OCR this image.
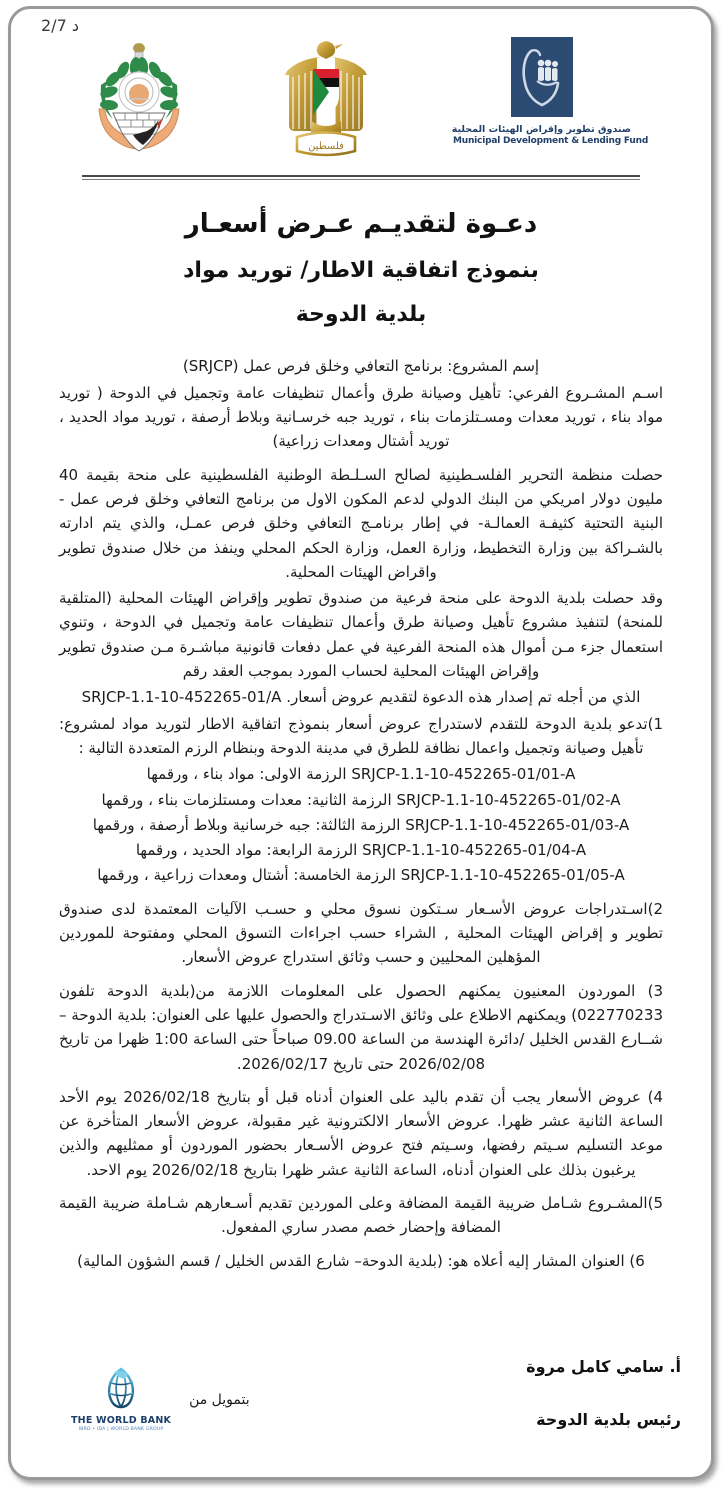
د 2/7
صندوق تطوير وإقراض الهيئات المحلية
Municipal Development & Lending Fund
فلسطين
دعـوة لتقديـم عـرض أسعـار
بنموذج اتفاقية الاطار/ توريد مواد
بلدية الدوحة

إسم المشروع: برنامج التعافي وخلق فرص عمل (SRJCP)

اسـم المشـروع الفرعي: تأهيل وصيانة طرق وأعمال تنظيفات عامة وتجميل في الدوحة ( توريد مواد بناء ، توريد معدات ومسـتلزمات بناء ، توريد جبه خرسـانية وبلاط أرصفة ، توريد مواد الحديد ، توريد أشتال ومعدات زراعية)

حصلت منظمة التحرير الفلسـطينية لصالح السـلـطة الوطنية الفلسطينية على منحة بقيمة 40 مليون دولار امريكي من البنك الدولي لدعم المكون الاول من برنامج التعافي وخلق فرص عمل - البنية التحتية كثيفـة العمالـة- في إطار برنامـج التعافي وخلق فرص عمـل، والذي يتم ادارته بالشـراكة بين وزارة التخطيط، وزارة العمل، وزارة الحكم المحلي وينفذ من خلال صندوق تطوير واقراض الهيئات المحلية.

وقد حصلت بلدية الدوحة على منحة فرعية من صندوق تطوير وإقراض الهيئات المحلية (المتلقية للمنحة) لتنفيذ مشروع تأهيل وصيانة طرق وأعمال تنظيفات عامة وتجميل في الدوحة ، وتنوي استعمال جزء مـن أموال هذه المنحة الفرعية في عمل دفعات قانونية مباشـرة مـن صندوق تطوير وإقراض الهيئات المحلية لحساب المورد بموجب العقد رقم

الذي من أجله تم إصدار هذه الدعوة لتقديم عروض أسعار. SRJCP-1.1-10-452265-01/A

1)تدعو بلدية الدوحة للتقدم لاستدراج عروض أسعار بنموذج اتفاقية الاطار لتوريد مواد لمشروع: تأهيل وصيانة وتجميل واعمال نظافة للطرق في مدينة الدوحة وبنظام الرزم المتعددة التالية :

SRJCP-1.1-10-452265-01/01-A الرزمة الاولى: مواد بناء ، ورقمها
SRJCP-1.1-10-452265-01/02-A الرزمة الثانية: معدات ومستلزمات بناء ، ورقمها
SRJCP-1.1-10-452265-01/03-A الرزمة الثالثة: جبه خرسانية وبلاط أرصفة ، ورقمها
SRJCP-1.1-10-452265-01/04-A الرزمة الرابعة: مواد الحديد ، ورقمها
SRJCP-1.1-10-452265-01/05-A الرزمة الخامسة: أشتال ومعدات زراعية ، ورقمها

2)اسـتدراجات عروض الأسـعار سـتكون نسوق محلي و حسـب الآليات المعتمدة لدى صندوق تطوير و إقراض الهيئات المحلية , الشراء حسب اجراءات التسوق المحلي ومفتوحة للموردين المؤهلين المحليين و حسب وثائق استدراج عروض الأسعار.

3) الموردون المعنيون يمكنهم الحصول على المعلومات اللازمة من(بلدية الدوحة تلفون 022770233) ويمكنهم الاطلاع على وثائق الاسـتدراج والحصول عليها على العنوان: بلدية الدوحة – شــارع القدس الخليل /دائرة الهندسة من الساعة 09.00 صباحاً حتى الساعة 1:00 ظهرا من تاريخ 2026/02/08 حتى تاريخ 2026/02/17.

4) عروض الأسعار يجب أن تقدم باليد على العنوان أدناه قبل أو بتاريخ 2026/02/18 يوم الأحد الساعة الثانية عشر ظهرا. عروض الأسعار الالكترونية غير مقبولة، عروض الأسعار المتأخرة عن موعد التسليم سـيتم رفضها، وسـيتم فتح عروض الأسـعار بحضور الموردون أو ممثليهم والذين يرغبون بذلك على العنوان أدناه، الساعة الثانية عشر ظهرا بتاريخ 2026/02/18 يوم الاحد.

5)المشـروع شـامل ضريبة القيمة المضافة وعلى الموردين تقديم أسـعارهم شـاملة ضريبة القيمة المضافة وإحضار خصم مصدر ساري المفعول.

6) العنوان المشار إليه أعلاه هو: (بلدية الدوحة– شارع القدس الخليل / قسم الشؤون المالية)

أ. سامي كامل مروة
رئيس بلدية الدوحة
بتمويل من
THE WORLD BANK
IBRD • IDA | WORLD BANK GROUP
